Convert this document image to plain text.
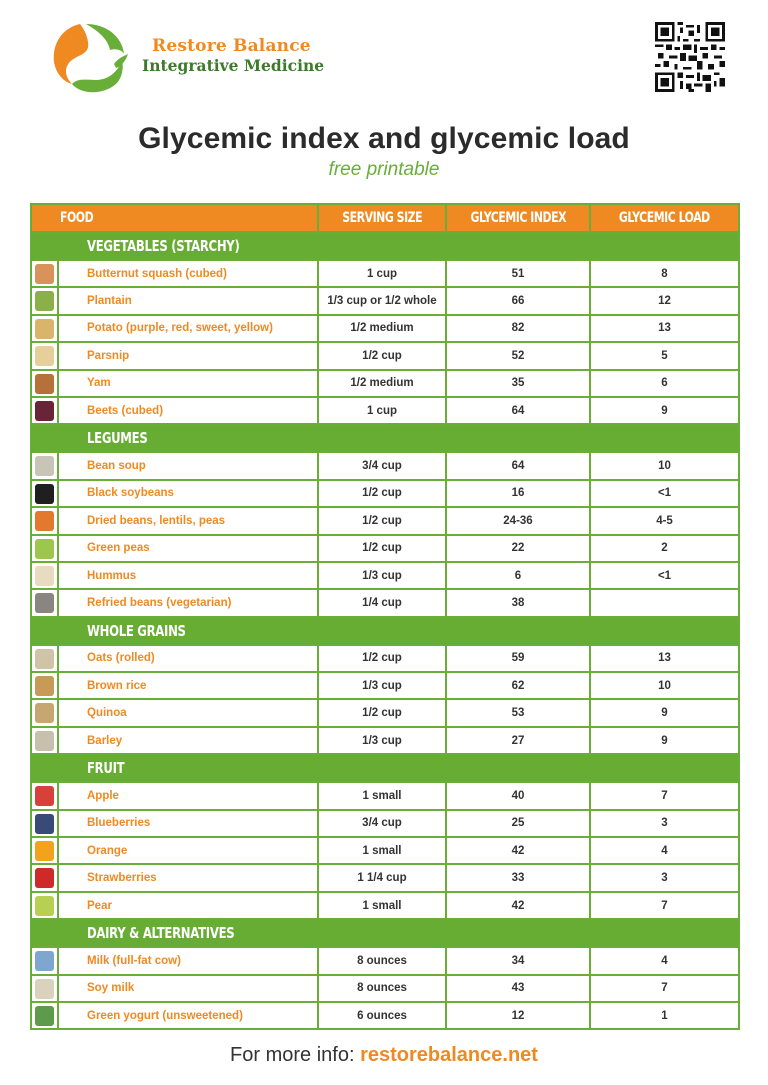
Restore Balance
Integrative Medicine
Glycemic index and glycemic load
free printable
FOOD		SERVING SIZE	GLYCEMIC INDEX	GLYCEMIC LOAD
	VEGETABLES (STARCHY)			

	Butternut squash (cubed)	1 cup	51	8

	Plantain	1/3 cup or 1/2 whole	66	12

	Potato (purple, red, sweet, yellow)	1/2 medium	82	13

	Parsnip	1/2 cup	52	5

	Yam	1/2 medium	35	6

	Beets (cubed)	1 cup	64	9
	LEGUMES			

	Bean soup	3/4 cup	64	10

	Black soybeans	1/2 cup	16	<1

	Dried beans, lentils, peas	1/2 cup	24-36	4-5

	Green peas	1/2 cup	22	2

	Hummus	1/3 cup	6	<1

	Refried beans (vegetarian)	1/4 cup	38	
	WHOLE GRAINS			

	Oats (rolled)	1/2 cup	59	13

	Brown rice	1/3 cup	62	10

	Quinoa	1/2 cup	53	9

	Barley	1/3 cup	27	9
	FRUIT			

	Apple	1 small	40	7

	Blueberries	3/4 cup	25	3

	Orange	1 small	42	4

	Strawberries	1 1/4 cup	33	3

	Pear	1 small	42	7
	DAIRY & ALTERNATIVES			

	Milk (full-fat cow)	8 ounces	34	4

	Soy milk	8 ounces	43	7

	Green yogurt (unsweetened)	6 ounces	12	1
For more info: restorebalance.net
